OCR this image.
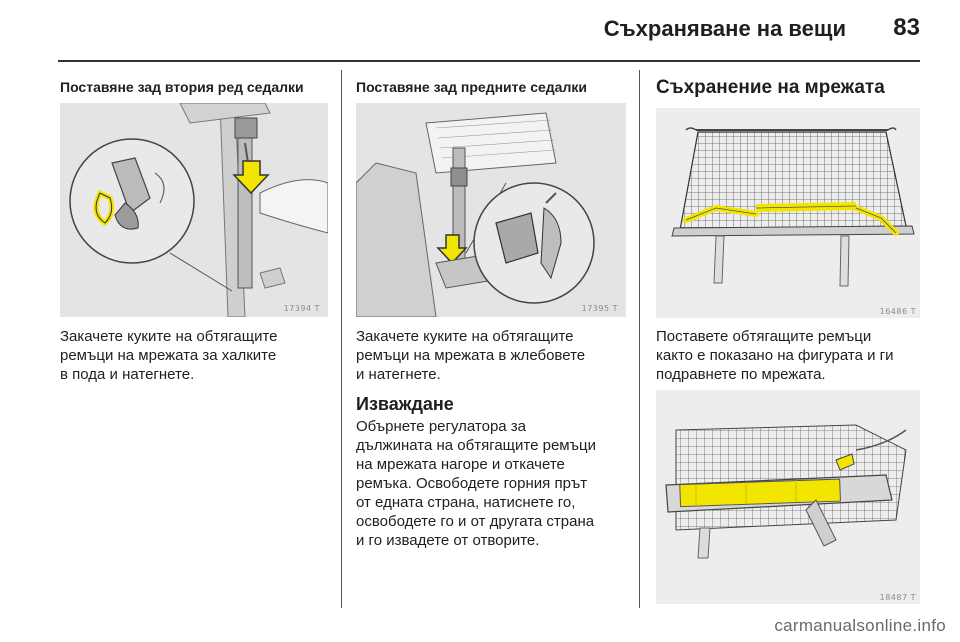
Съхраняване на вещи 83
Поставяне зад втория ред седалки
17394 T

Закачете куките на обтягащите
ремъци на мрежата за халките
в пода и натегнете.

Поставяне зад предните седалки
17395 T

Закачете куките на обтягащите
ремъци на мрежата в жлебовете
и натегнете.

Изваждане

Обърнете регулатора за
дължината на обтягащите ремъци
на мрежата нагоре и откачете
ремъка. Освободете горния прът
от едната страна, натиснете го,
освободете го и от другата страна
и го извадете от отворите.

Съхранение на мрежата
16486 T

Поставете обтягащите ремъци
както е показано на фигурата и ги
подравнете по мрежата.

18487 T
carmanualsonline.info
